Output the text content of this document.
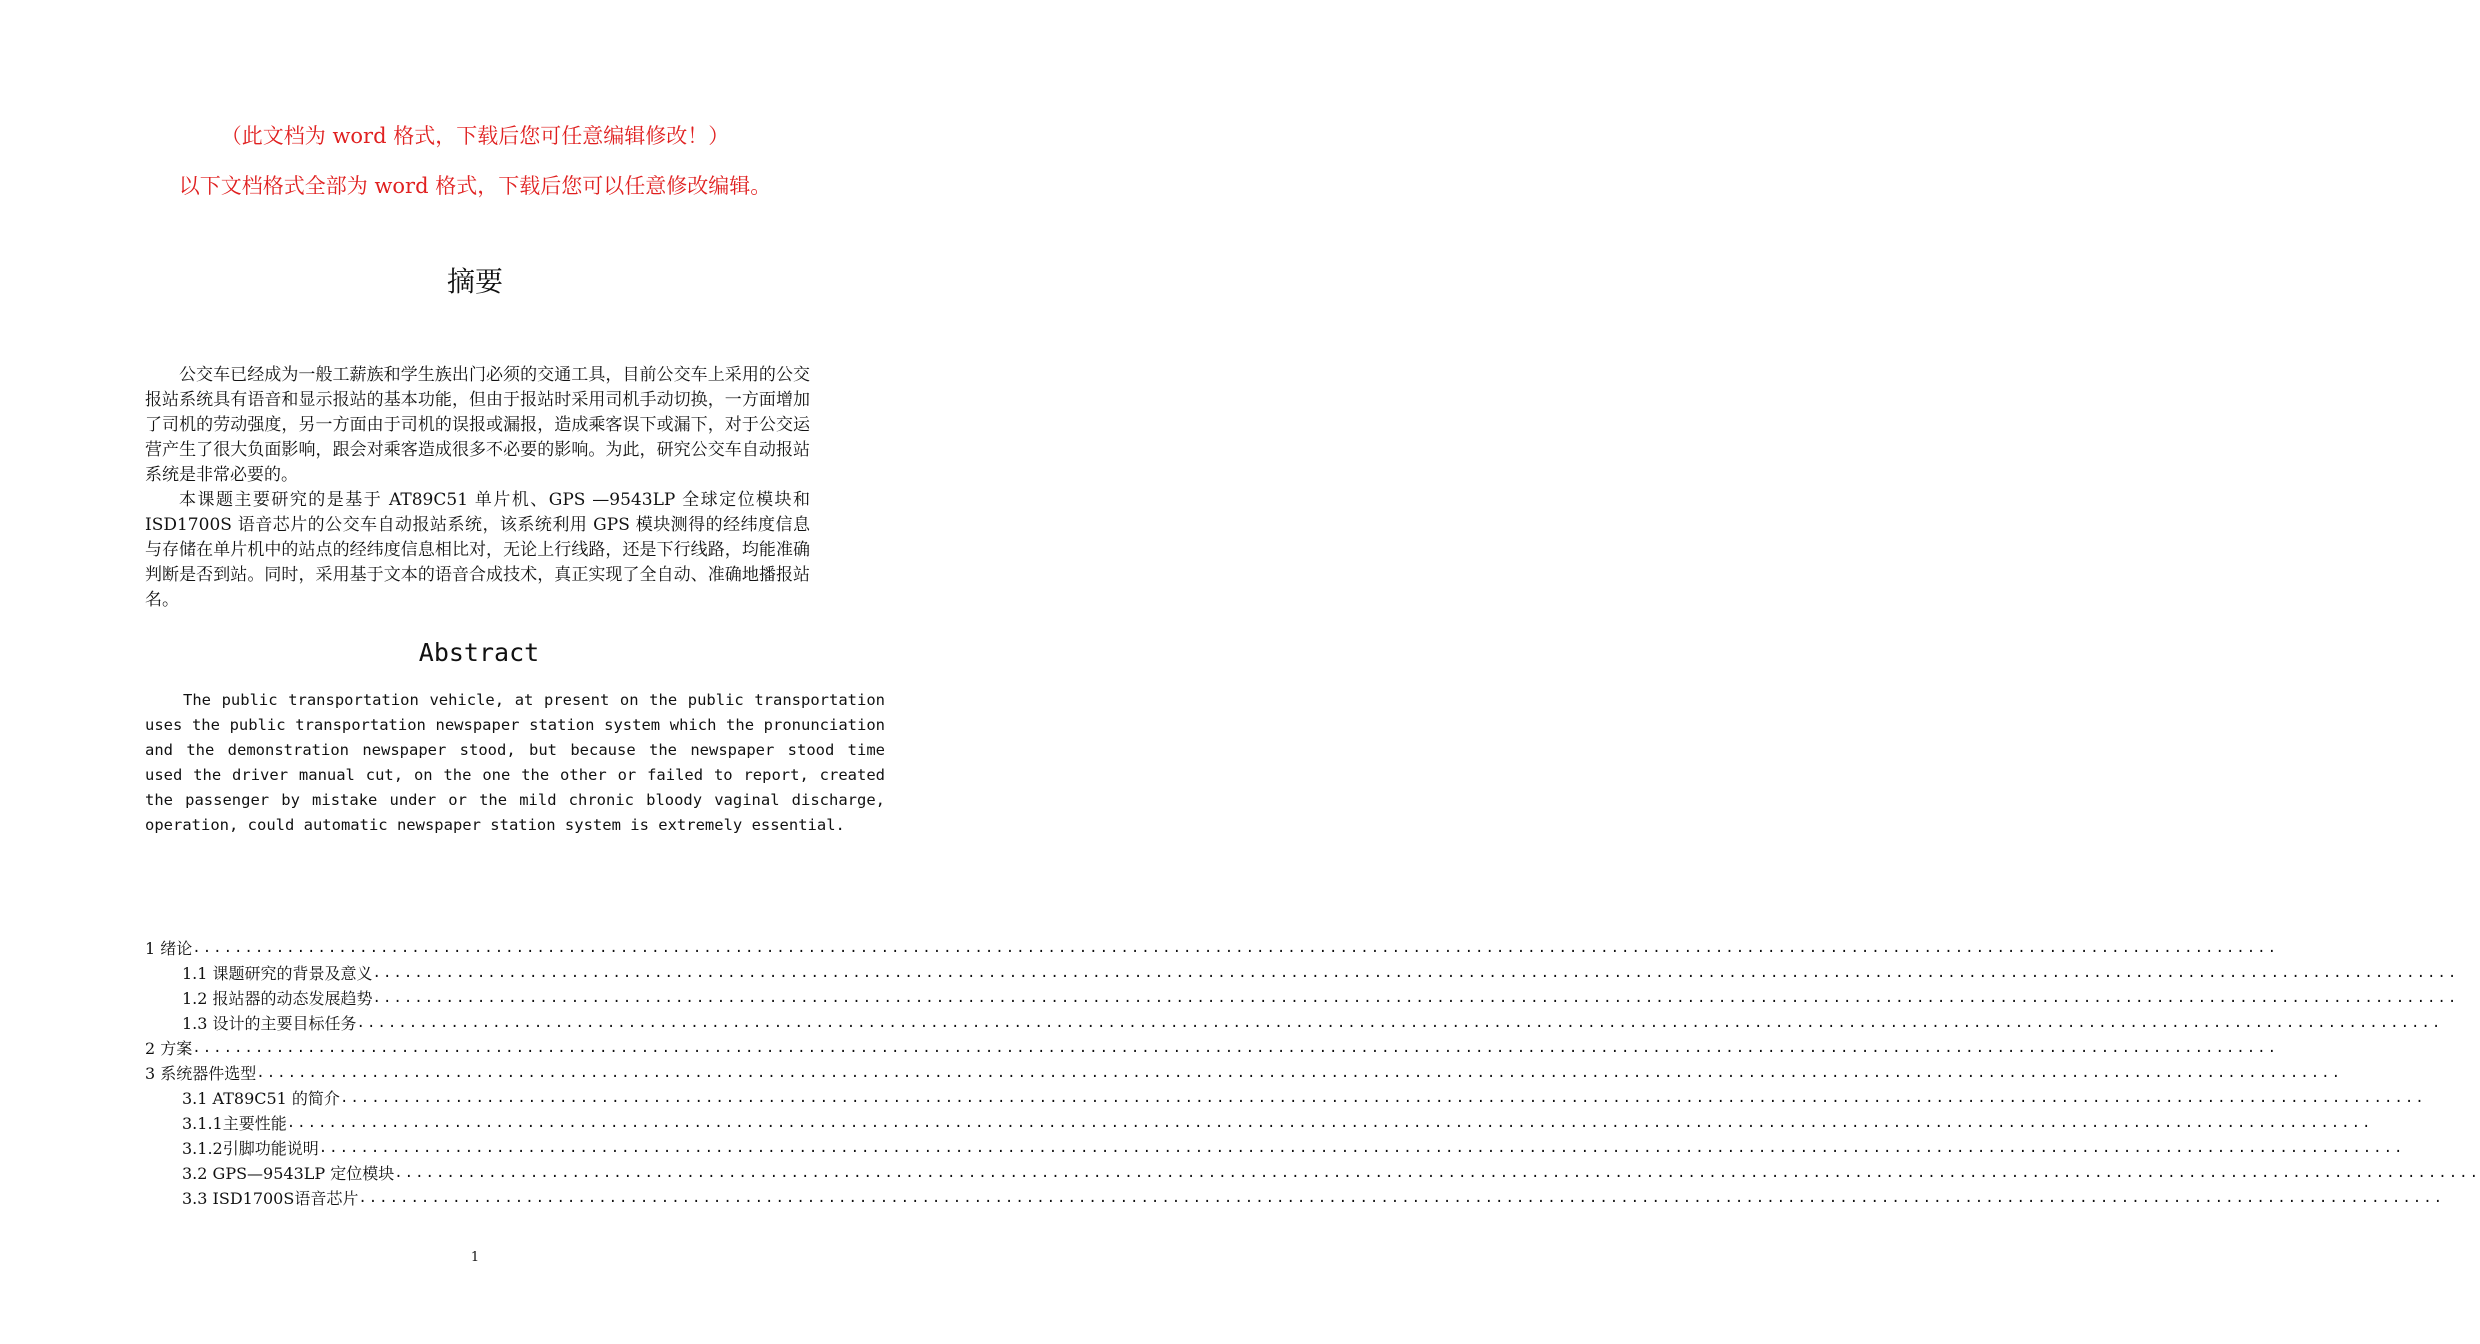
（此文档为 word 格式，下载后您可任意编辑修改！）
以下文档格式全部为 word 格式，下载后您可以任意修改编辑。
摘要

公交车已经成为一般工薪族和学生族出门必须的交通工具，目前公交车上采用的公交报站系统具有语音和显示报站的基本功能，但由于报站时采用司机手动切换，一方面增加了司机的劳动强度，另一方面由于司机的误报或漏报，造成乘客误下或漏下，对于公交运营产生了很大负面影响，跟会对乘客造成很多不必要的影响。为此，研究公交车自动报站系统是非常必要的。

本课题主要研究的是基于 AT89C51 单片机、GPS —9543LP 全球定位模块和 ISD1700S 语音芯片的公交车自动报站系统，该系统利用 GPS 模块测得的经纬度信息与存储在单片机中的站点的经纬度信息相比对，无论上行线路，还是下行线路，均能准确判断是否到站。同时，采用基于文本的语音合成技术，真正实现了全自动、准确地播报站名。

Abstract

The public transportation vehicle, at present on the public transportation uses the public transportation newspaper station system which the pronunciation and the demonstration newspaper stood, but because the newspaper stood time used the driver manual cut, on the one the other or failed to report, created the passenger by mistake under or the mild chronic bloody vaginal discharge, operation, could automatic newspaper station system is extremely essential.

1 绪论 ........................................................................................................................................................................................................
1.1 课题研究的背景及意义 ........................................................................................................................................................................................................
1.2 报站器的动态发展趋势 ........................................................................................................................................................................................................
1.3 设计的主要目标任务 ........................................................................................................................................................................................................
2 方案 ........................................................................................................................................................................................................
3 系统器件选型 ........................................................................................................................................................................................................
3.1 AT89C51 的简介 ........................................................................................................................................................................................................
3.1.1主要性能 ........................................................................................................................................................................................................
3.1.2引脚功能说明 ........................................................................................................................................................................................................
3.2 GPS—9543LP 定位模块 ........................................................................................................................................................................................................
3.3 ISD1700S语音芯片 ........................................................................................................................................................................................................
1
